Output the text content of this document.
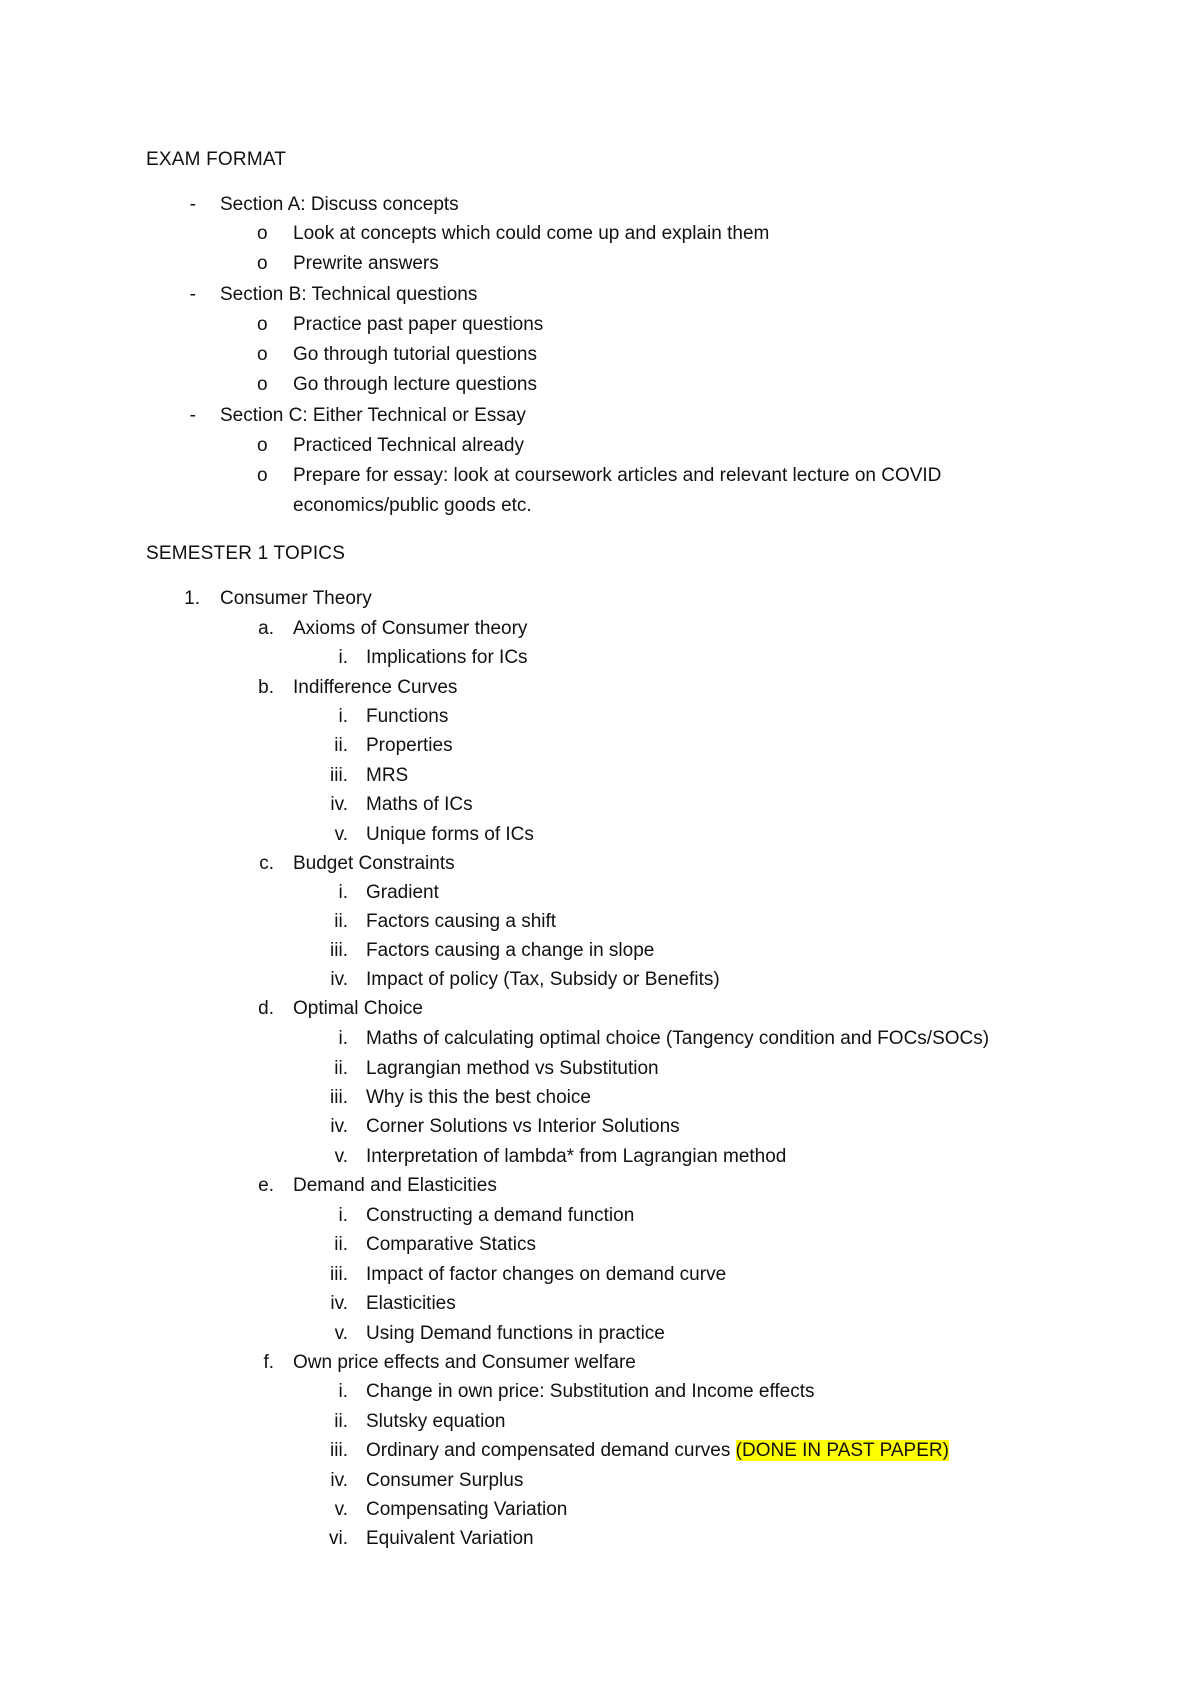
EXAM FORMAT
- Section A: Discuss concepts
o Look at concepts which could come up and explain them
o Prewrite answers
- Section B: Technical questions
o Practice past paper questions
o Go through tutorial questions
o Go through lecture questions
- Section C: Either Technical or Essay
o Practiced Technical already
o Prepare for essay: look at coursework articles and relevant lecture on COVID
economics/public goods etc.
SEMESTER 1 TOPICS
1. Consumer Theory
a. Axioms of Consumer theory
i. Implications for ICs
b. Indifference Curves
i. Functions
ii. Properties
iii. MRS
iv. Maths of ICs
v. Unique forms of ICs
c. Budget Constraints
i. Gradient
ii. Factors causing a shift
iii. Factors causing a change in slope
iv. Impact of policy (Tax, Subsidy or Benefits)
d. Optimal Choice
i. Maths of calculating optimal choice (Tangency condition and FOCs/SOCs)
ii. Lagrangian method vs Substitution
iii. Why is this the best choice
iv. Corner Solutions vs Interior Solutions
v. Interpretation of lambda* from Lagrangian method
e. Demand and Elasticities
i. Constructing a demand function
ii. Comparative Statics
iii. Impact of factor changes on demand curve
iv. Elasticities
v. Using Demand functions in practice
f. Own price effects and Consumer welfare
i. Change in own price: Substitution and Income effects
ii. Slutsky equation
iii. Ordinary and compensated demand curves (DONE IN PAST PAPER)
iv. Consumer Surplus
v. Compensating Variation
vi. Equivalent Variation
